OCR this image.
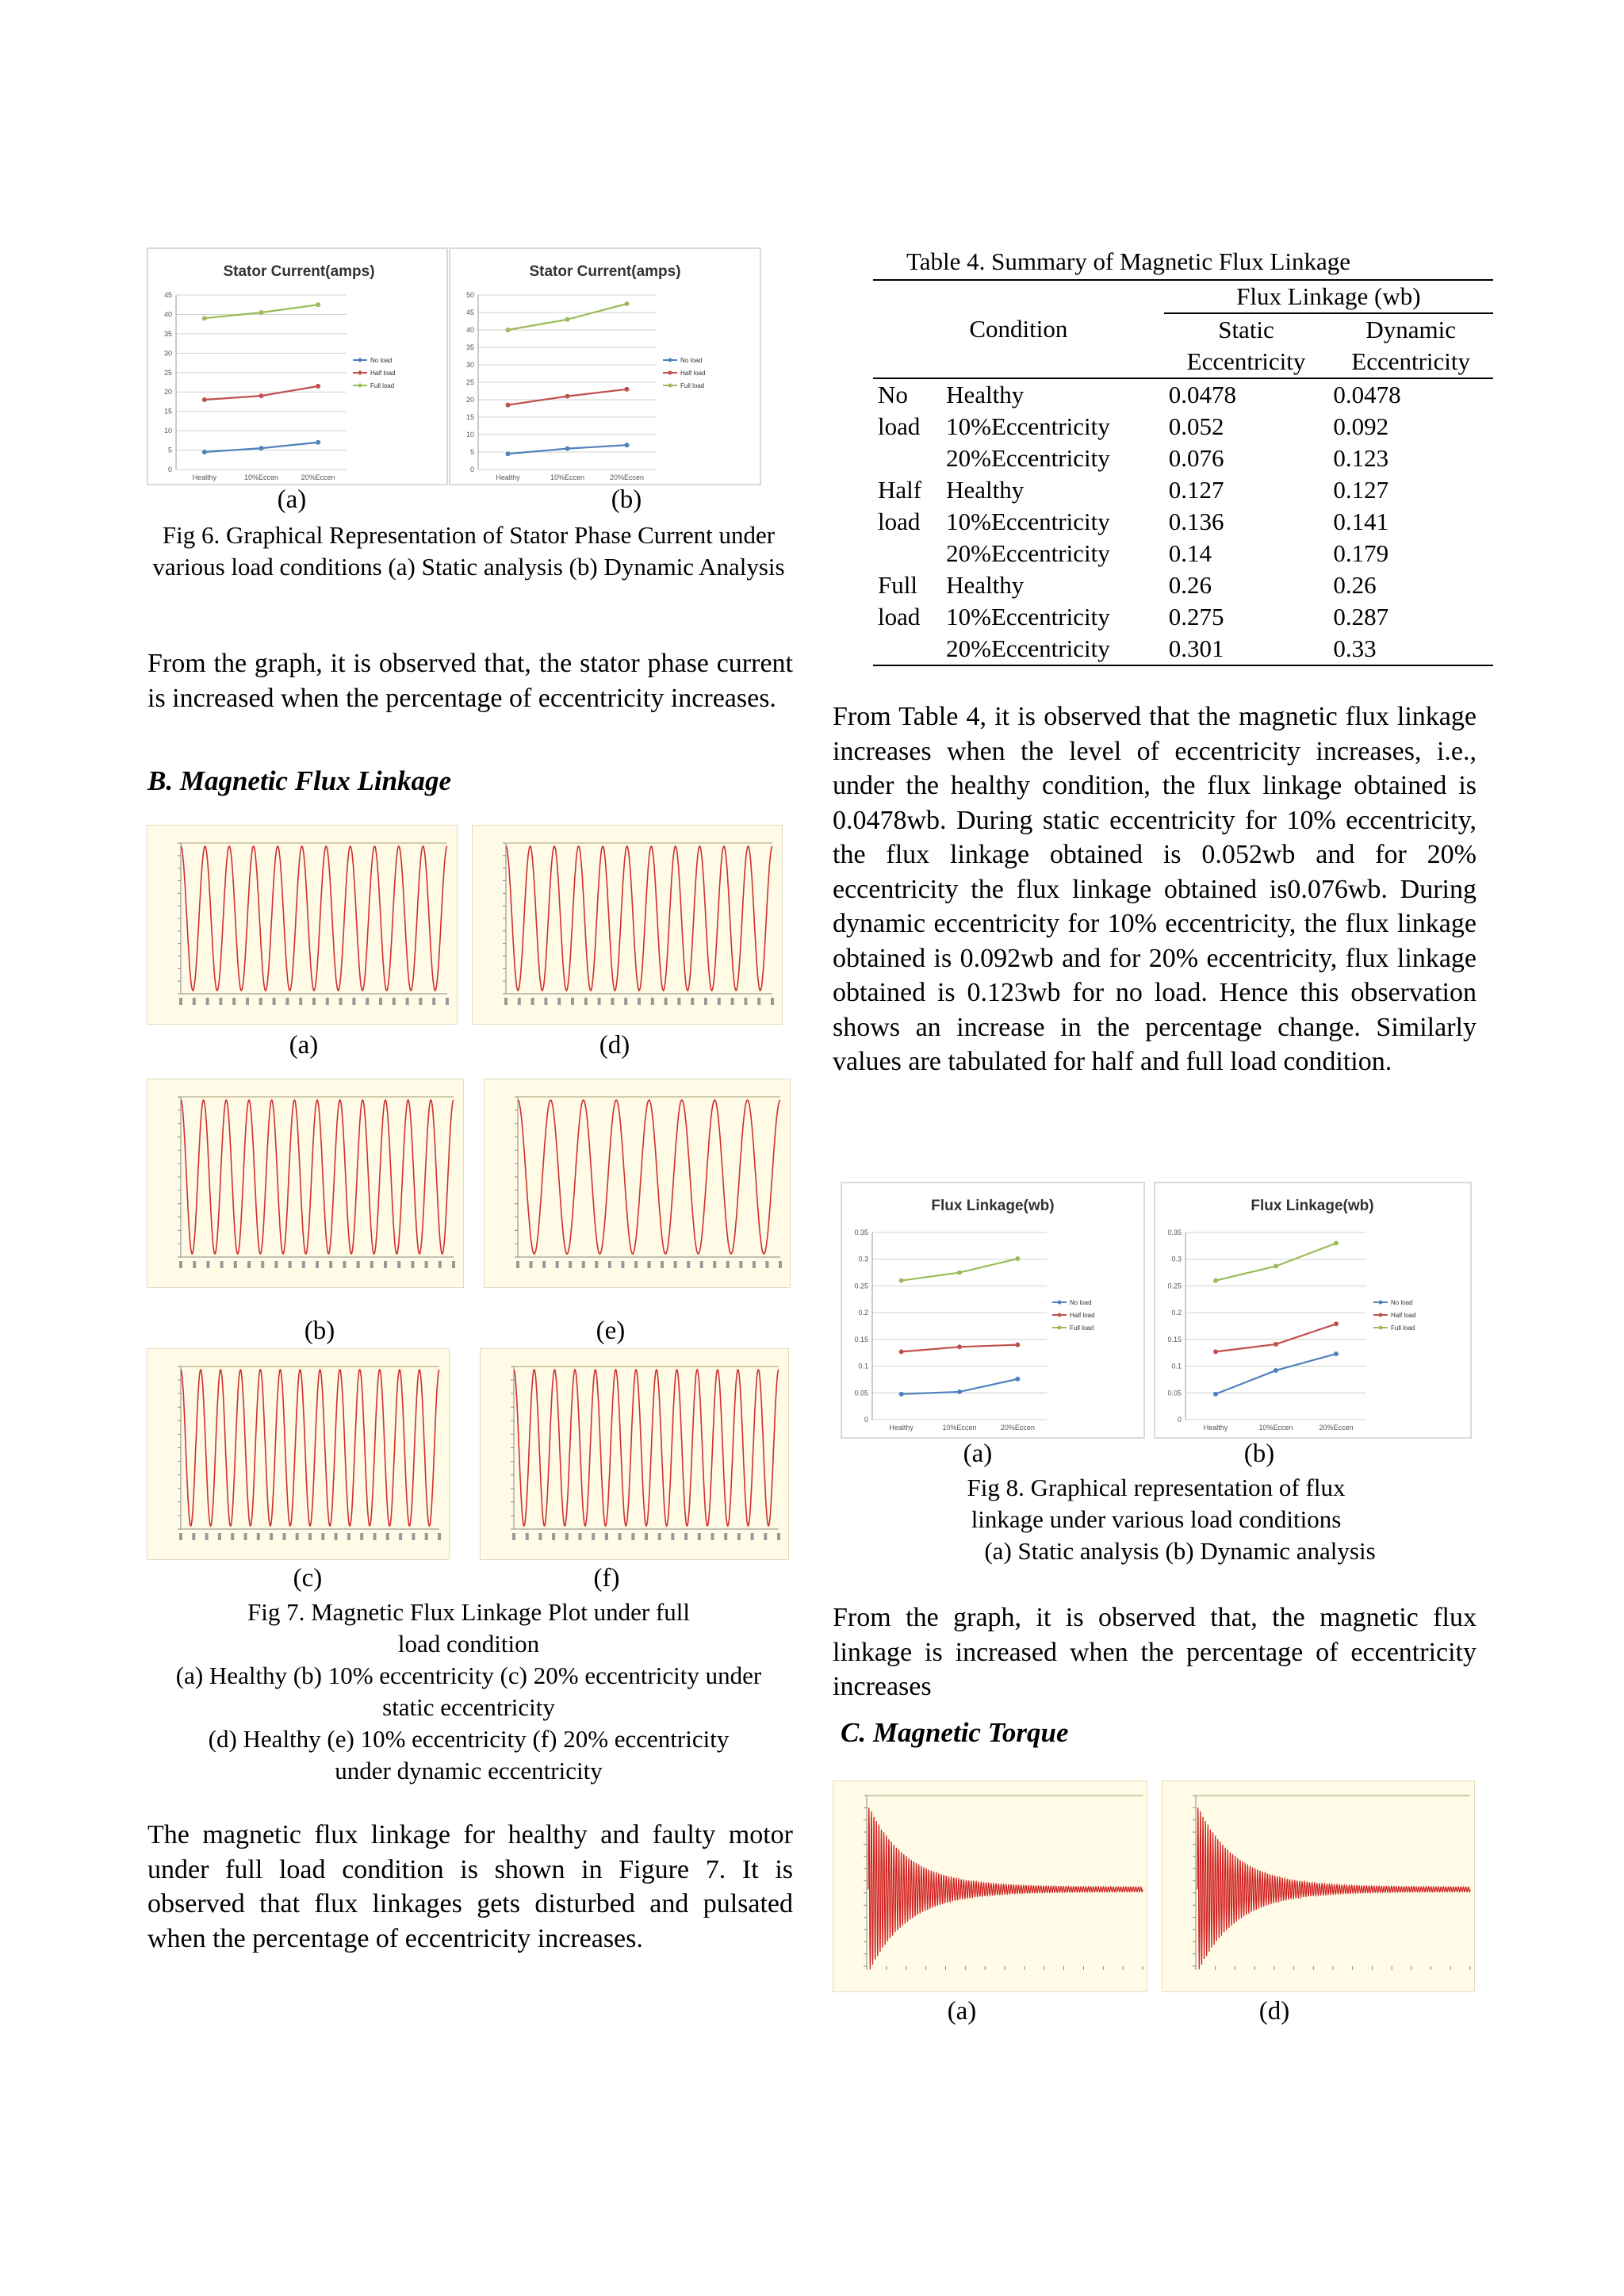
Stator Current(amps)
45
40
35
30
25
20
15
10
5
0
Healthy	10%Eccen	20%Eccen
No load
Half load
Full load
(a)
Stator Current(amps)
50
45
40
35
30
25
20
15
10
5
0
Healthy	10%Eccen	20%Eccen
No load
Half load
Full load
(b)
Fig 6. Graphical Representation of Stator Phase Current under various load conditions (a) Static analysis (b) Dynamic Analysis
From the graph, it is observed that, the stator phase current is increased when the percentage of eccentricity increases.
B. Magnetic Flux Linkage
(a)	(d)
(b)	(e)
(c)	(f)
Fig 7. Magnetic Flux Linkage Plot under full load condition
(a) Healthy (b) 10% eccentricity (c) 20% eccentricity under static eccentricity
(d) Healthy (e) 10% eccentricity (f) 20% eccentricity under dynamic eccentricity
The magnetic flux linkage for healthy and faulty motor under full load condition is shown in Figure 7. It is observed that flux linkages gets disturbed and pulsated when the percentage of eccentricity increases.
Table 4. Summary of Magnetic Flux Linkage
Condition		Flux Linkage (wb)	
		Static	Dynamic
		Eccentricity	Eccentricity
No	Healthy	0.0478	0.0478
load	10%Eccentricity	0.052	0.092
	20%Eccentricity	0.076	0.123
Half	Healthy	0.127	0.127
load	10%Eccentricity	0.136	0.141
	20%Eccentricity	0.14	0.179
Full	Healthy	0.26	0.26
load	10%Eccentricity	0.275	0.287
	20%Eccentricity	0.301	0.33
From Table 4, it is observed that the magnetic flux linkage increases when the level of eccentricity increases, i.e., under the healthy condition, the flux linkage obtained is 0.0478wb. During static eccentricity for 10% eccentricity, the flux linkage obtained is 0.052wb and for 20% eccentricity the flux linkage obtained is0.076wb. During dynamic eccentricity for 10% eccentricity, the flux linkage obtained is 0.092wb and for 20% eccentricity, flux linkage obtained is 0.123wb for no load. Hence this observation shows an increase in the percentage change. Similarly values are tabulated for half and full load condition.
Flux Linkage(wb)
0.35
0.3
0.25
0.2
0.15
0.1
0.05
0
Healthy	10%Eccen	20%Eccen
No load
Half load
Full load
(a)
Flux Linkage(wb)
0.35
0.3
0.25
0.2
0.15
0.1
0.05
0
Healthy	10%Eccen	20%Eccen
No load
Half load
Full load
(b)
Fig 8. Graphical representation of flux linkage under various load conditions
(a) Static analysis (b) Dynamic analysis
From the graph, it is observed that, the magnetic flux linkage is increased when the percentage of eccentricity increases
C. Magnetic Torque
(a)	(d)
